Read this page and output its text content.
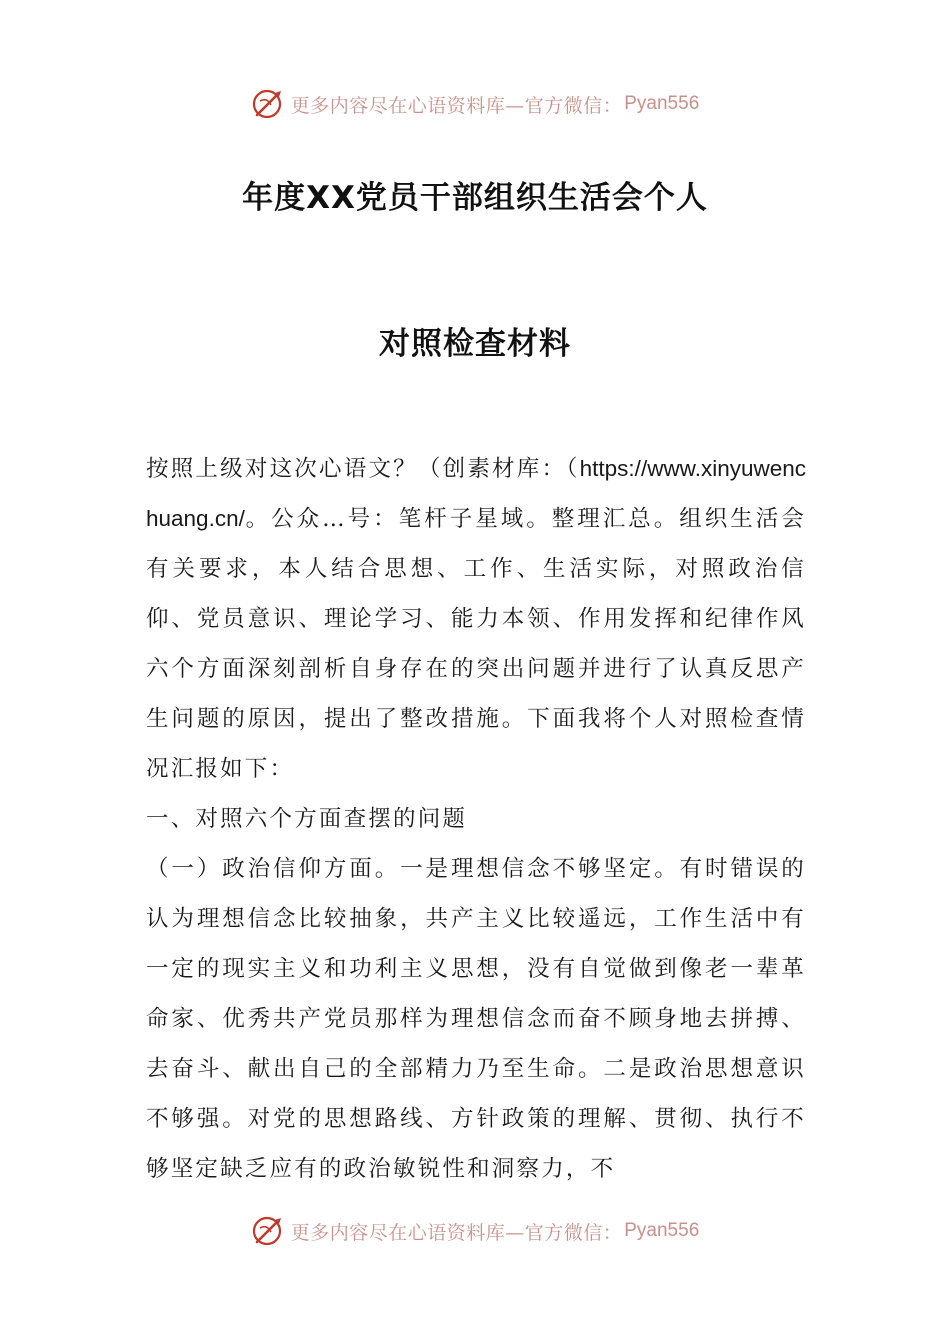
更多内容尽在心语资料库—官方微信： Pyan556
年度XX党员干部组织生活会个人
对照检查材料

按照上级对这次心语文？（创素材库：（https://www.xinyuwenchuang.cn/。公众…号：笔杆子星域。整理汇总。组织生活会有关要求，本人结合思想、工作、生活实际，对照政治信仰、党员意识、理论学习、能力本领、作用发挥和纪律作风六个方面深刻剖析自身存在的突出问题并进行了认真反思产生问题的原因，提出了整改措施。下面我将个人对照检查情况汇报如下：

一、对照六个方面查摆的问题

（一）政治信仰方面。一是理想信念不够坚定。有时错误的认为理想信念比较抽象，共产主义比较遥远，工作生活中有一定的现实主义和功利主义思想，没有自觉做到像老一辈革命家、优秀共产党员那样为理想信念而奋不顾身地去拼搏、去奋斗、献出自己的全部精力乃至生命。二是政治思想意识不够强。对党的思想路线、方针政策的理解、贯彻、执行不够坚定缺乏应有的政治敏锐性和洞察力，不

更多内容尽在心语资料库—官方微信： Pyan556
